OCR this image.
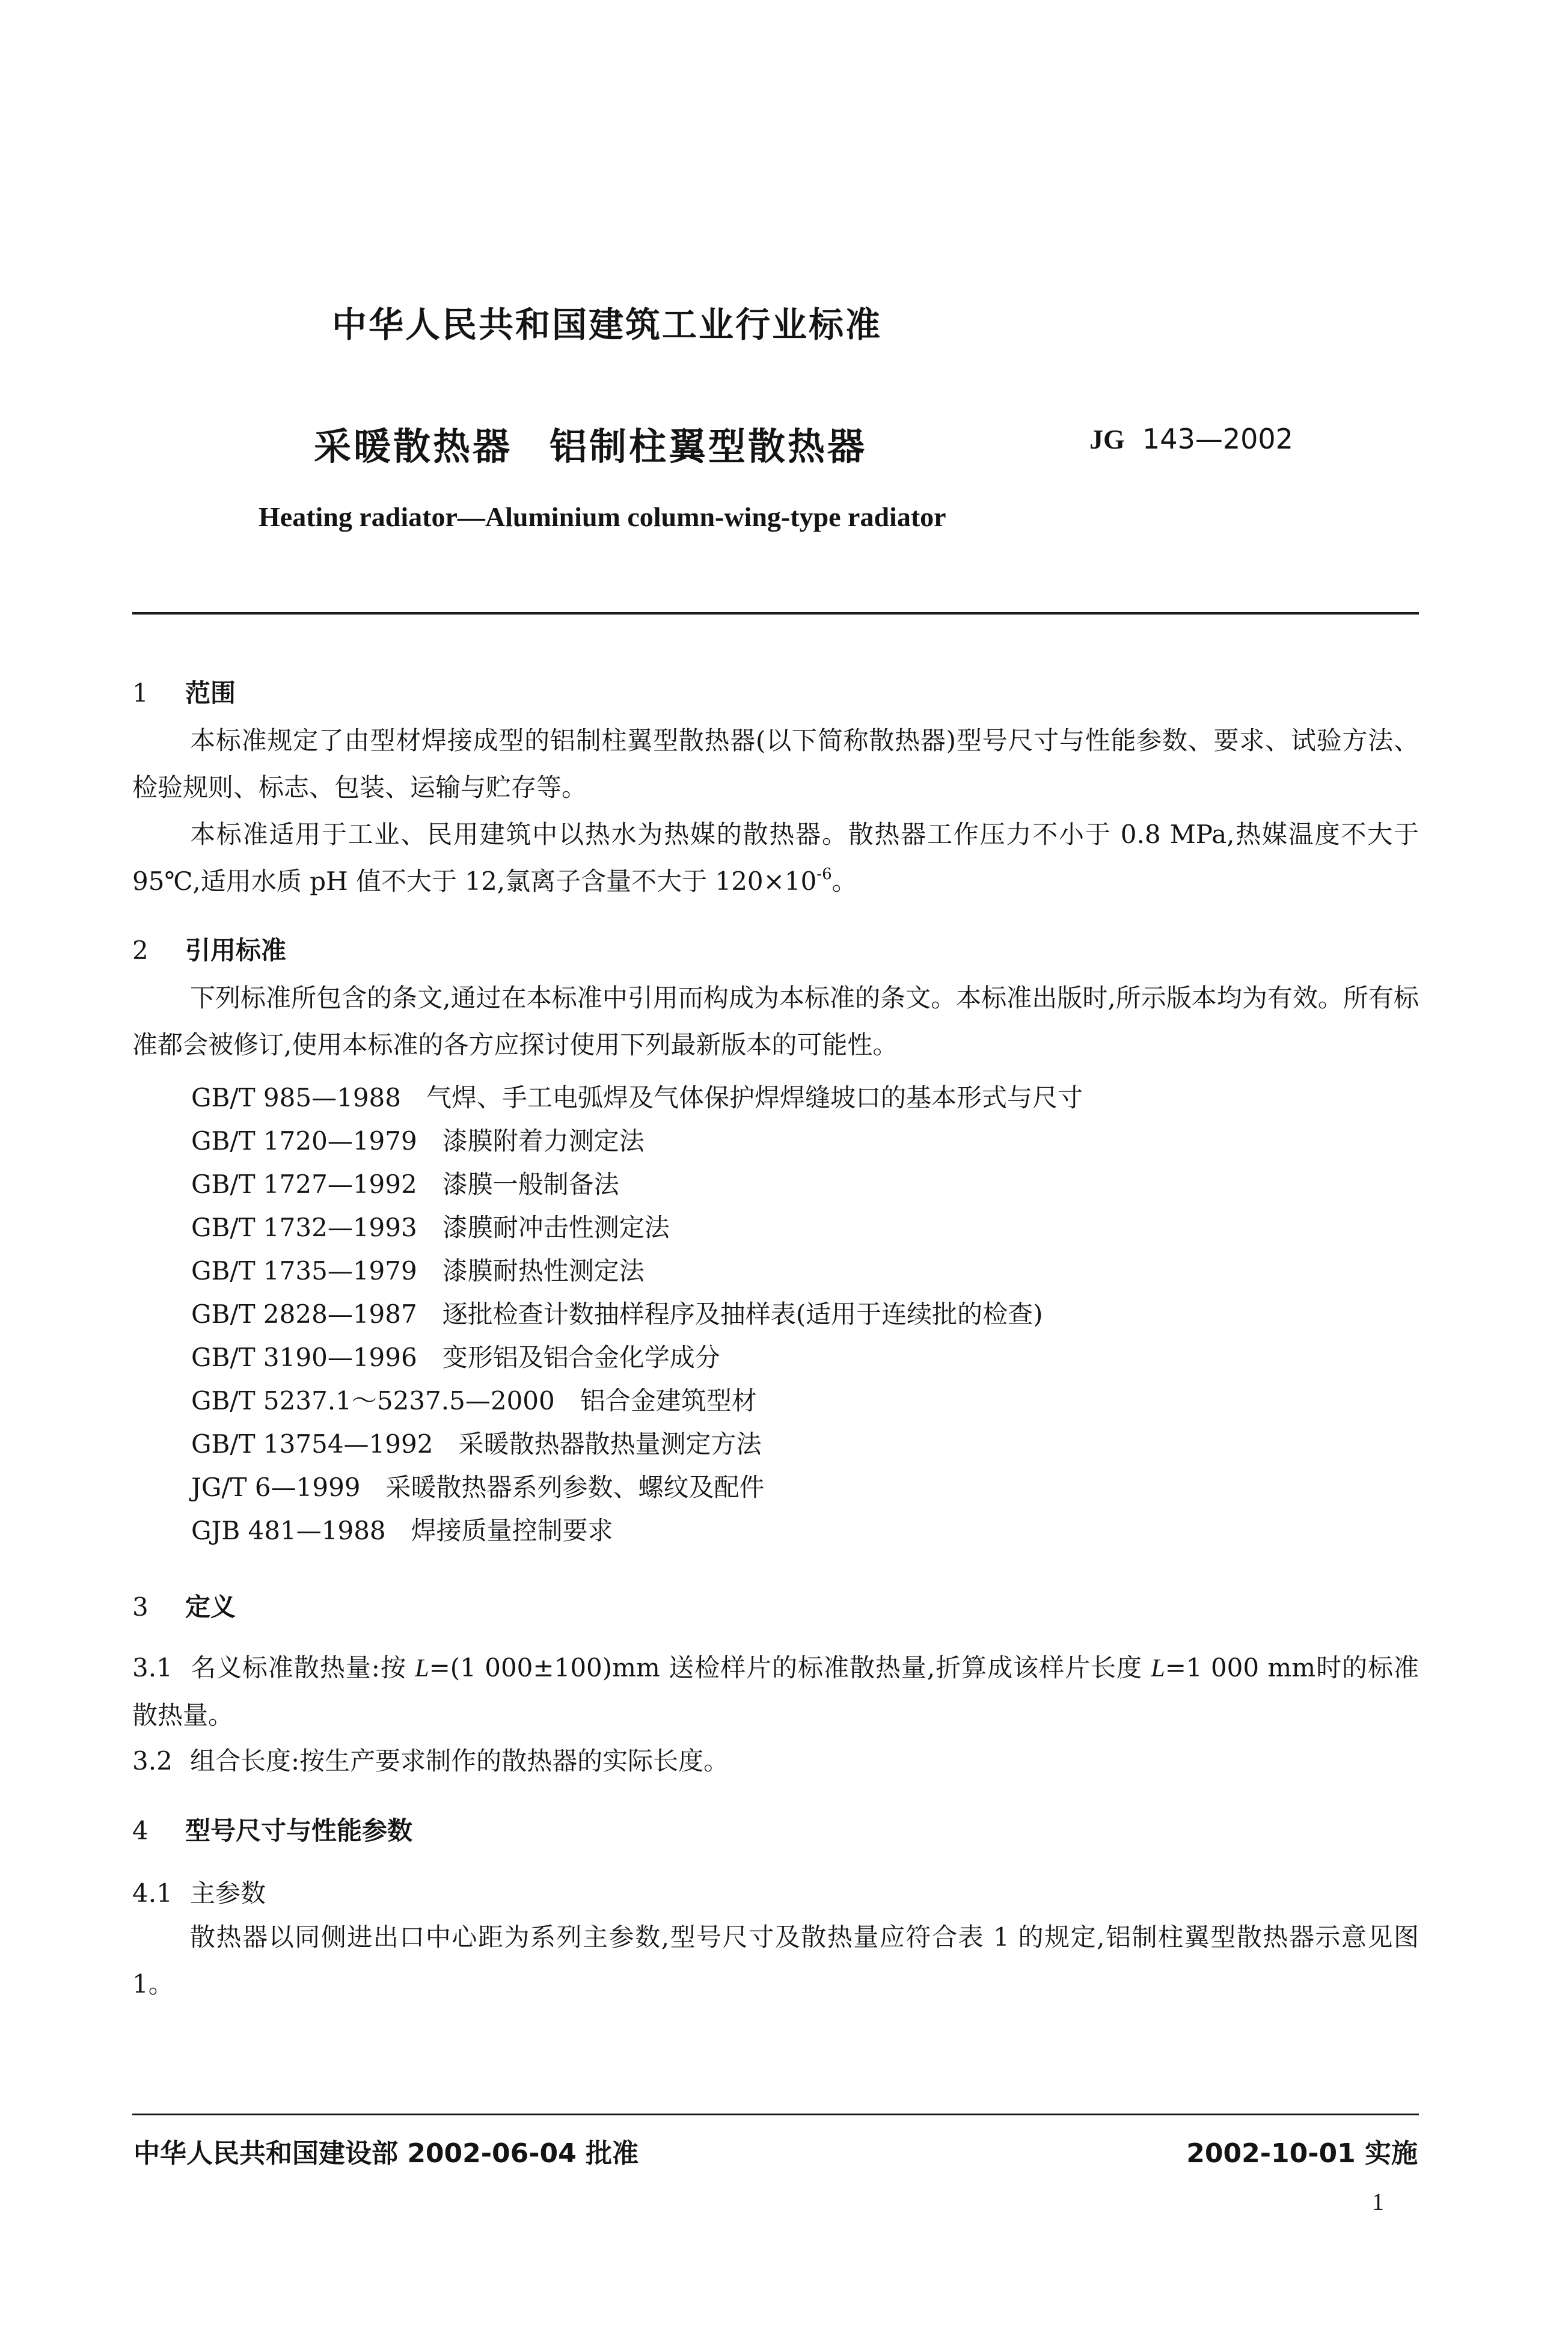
中华人民共和国建筑工业行业标准
采暖散热器 铝制柱翼型散热器	JG 143—2002
Heating radiator—Aluminium column-wing-type radiator
1 范围
本标准规定了由型材焊接成型的铝制柱翼型散热器(以下简称散热器)型号尺寸与性能参数、要求、试验方法、检验规则、标志、包装、运输与贮存等。
本标准适用于工业、民用建筑中以热水为热媒的散热器。散热器工作压力不小于 0.8 MPa,热媒温度不大于 95℃,适用水质 pH 值不大于 12,氯离子含量不大于 $120\times 10^{-6}$。
2 引用标准
下列标准所包含的条文,通过在本标准中引用而构成为本标准的条文。本标准出版时,所示版本均为有效。所有标准都会被修订,使用本标准的各方应探讨使用下列最新版本的可能性。
GB/T 985—1988 气焊、手工电弧焊及气体保护焊焊缝坡口的基本形式与尺寸
GB/T 1720—1979 漆膜附着力测定法
GB/T 1727—1992 漆膜一般制备法
GB/T 1732—1993 漆膜耐冲击性测定法
GB/T 1735—1979 漆膜耐热性测定法
GB/T 2828—1987 逐批检查计数抽样程序及抽样表(适用于连续批的检查)
GB/T 3190—1996 变形铝及铝合金化学成分
GB/T 5237.1～5237.5—2000 铝合金建筑型材
GB/T 13754—1992 采暖散热器散热量测定方法
JG/T 6—1999 采暖散热器系列参数、螺纹及配件
GJB 481—1988 焊接质量控制要求
3 定义
3.1 名义标准散热量:按 L=(1 000±100)mm 送检样片的标准散热量,折算成该样片长度 L=1 000 mm时的标准散热量。
3.2 组合长度:按生产要求制作的散热器的实际长度。
4 型号尺寸与性能参数
4.1 主参数
散热器以同侧进出口中心距为系列主参数,型号尺寸及散热量应符合表 1 的规定,铝制柱翼型散热器示意见图 1。
中华人民共和国建设部 2002-06-04 批准	2002-10-01 实施
1
